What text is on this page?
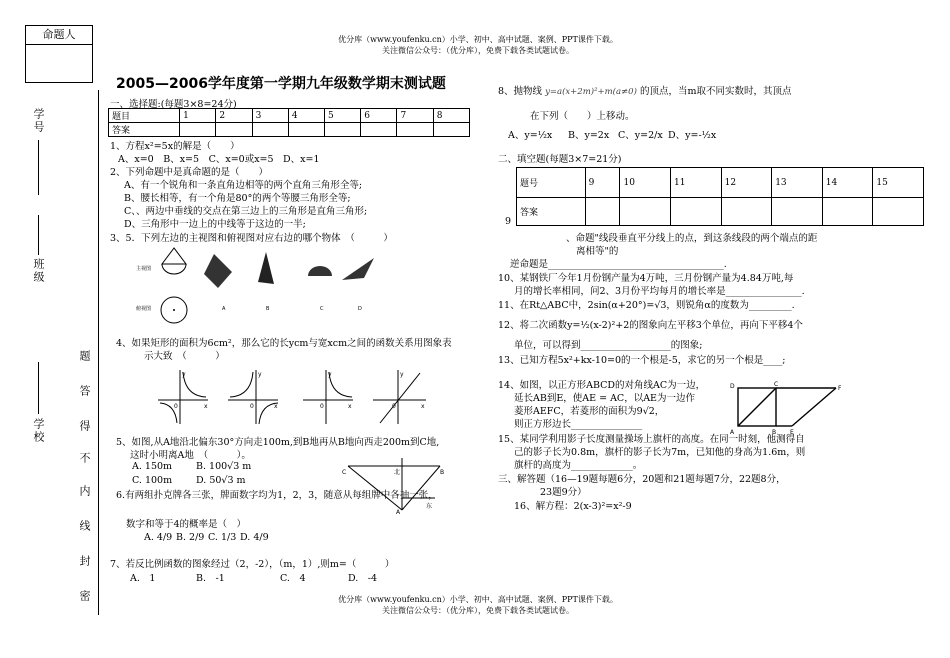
优分库（www.youfenku.cn）小学、初中、高中试题、案例、PPT课件下载。
关注微信公众号：（优分库），免费下载各类试题试卷。
优分库（www.youfenku.cn）小学、初中、高中试题、案例、PPT课件下载。
关注微信公众号：（优分库），免费下载各类试题试卷。
命题人
学号
班级
学校
题
答
得
不
内
线
封
密
2005—2006学年度第一学期九年级数学期末测试题
一、选择题:(每题3×8=24分)
题目	1	2	3	4	5	6	7	8
答案								
1、方程x²=5x的解是（　　）
A、x=0　B、x=5　C、x=0或x=5　D、x=1
2、下列命题中是真命题的是（　　）
A、有一个锐角和一条直角边相等的两个直角三角形全等;
B、腰长相等，有一个角是80°的两个等腰三角形全等;
C、、两边中垂线的交点在第三边上的三角形是直角三角形;
D、三角形中一边上的中线等于这边的一半;
3、5．下列左边的主视图和俯视图对应右边的哪个物体　（　　　）
主视图
俯视图	A	B	C	D
4、如果矩形的面积为6cm²，那么它的长ycm与宽xcm之间的函数关系用图象表
示大致　（　　　）
y
x
0
y
x
0
y
x
0
y
x
0
5、如图,从A地沿北偏东30°方向走100m,到B地再从B地向西走200m到C地,
这时小明离A地　（　　　）。
A. 150m	B. 100√3 m
C. 100m	D. 50√3 m
C	B
北
东
A
6.有两组扑克牌各三张，牌面数字均为1，2，3，随意从每组牌中各抽一张，
数字和等于4的概率是（　）
A. 4/9 B. 2/9 C. 1/3 D. 4/9
7、若反比例函数的图象经过（2，-2），（m，1）,则m=（　　　）
A.　1	B.　-1	C.　4	D.　-4
8、抛物线 y=a(x+2m)²+m(a≠0) 的顶点，当m取不同实数时，其顶点
在下列（　　）上移动。
A、y=½x B、y=2x C、y=2/x D、y=-½x
二、填空题(每题3×7=21分)
9
题号	9	10	11	12	13	14	15
答案							
、命题"线段垂直平分线上的点，到这条线段的两个端点的距
离相等"的
逆命题是_____________________________________.
10、某钢铁厂今年1月份钢产量为4万吨，三月份钢产量为4.84万吨,每
月的增长率相同，问2、3月份平均每月的增长率是________________.
11、在Rt△ABC中，2sin(α+20°)=√3，则锐角α的度数为_________.
12、将二次函数y=½(x-2)²+2的图象向左平移3个单位，再向下平移4个
单位，可以得到___________________的图象;
13、已知方程5x²+kx-10=0的一个根是-5，求它的另一个根是____;
14、如图，以正方形ABCD的对角线AC为一边，
延长AB到E，使AE = AC，以AE为一边作
菱形AEFC，若菱形的面积为9√2，
则正方形边长_______________
D	C
F
A	B E
15、某同学利用影子长度测量操场上旗杆的高度。在同一时刻，他测得自
己的影子长为0.8m，旗杆的影子长为7m，已知他的身高为1.6m，则
旗杆的高度为_____________。
三、解答题（16—19题每题6分，20题和21题每题7分，22题8分，
23题9分）
16、解方程：2(x-3)²=x²-9
